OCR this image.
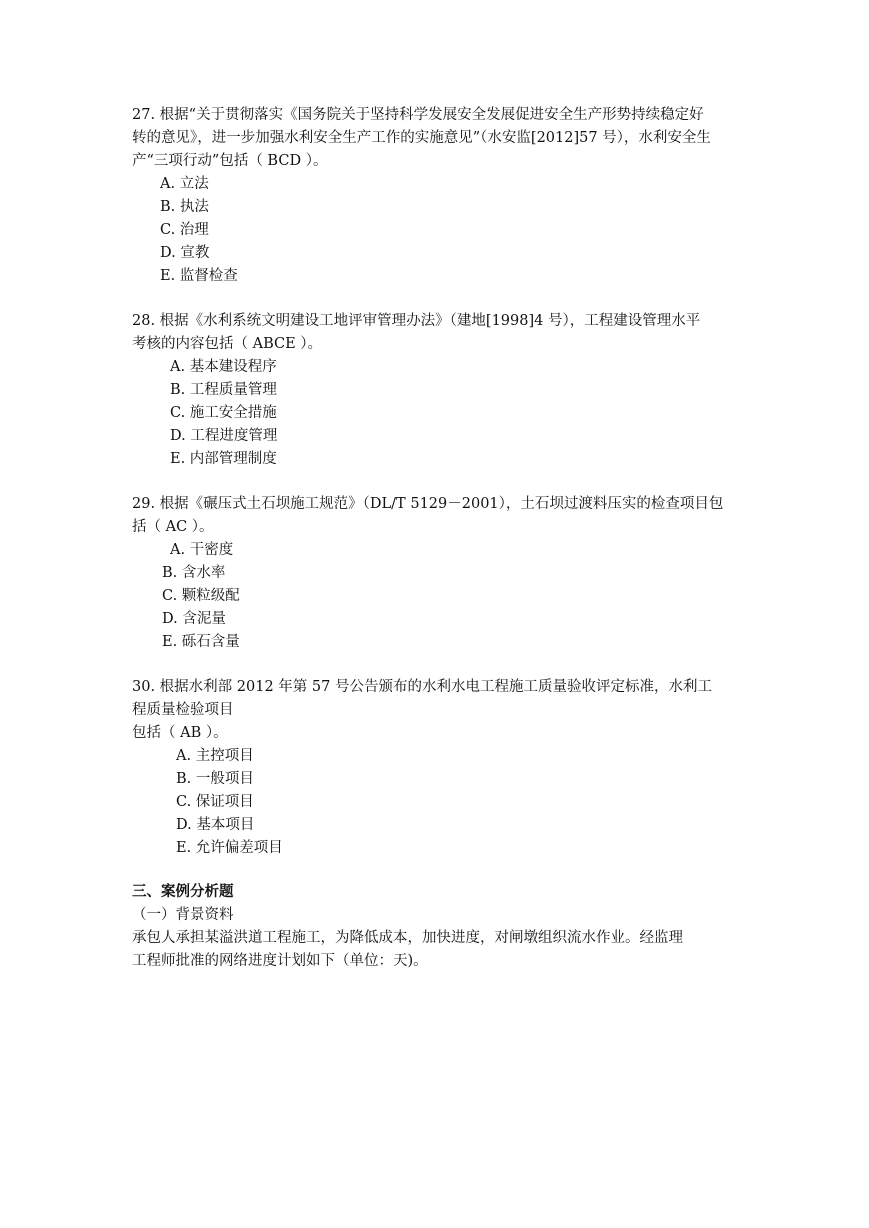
27. 根据“关于贯彻落实《国务院关于坚持科学发展安全发展促进安全生产形势持续稳定好
转的意见》，进一步加强水利安全生产工作的实施意见”（水安监[2012]57 号），水利安全生
产“三项行动”包括（ BCD ）。
A. 立法
B. 执法
C. 治理
D. 宣教
E. 监督检查
28. 根据《水利系统文明建设工地评审管理办法》（建地[1998]4 号），工程建设管理水平
考核的内容包括（ ABCE ）。
A. 基本建设程序
B. 工程质量管理
C. 施工安全措施
D. 工程进度管理
E. 内部管理制度
29. 根据《碾压式土石坝施工规范》（DL/T 5129－2001），土石坝过渡料压实的检查项目包
括（ AC ）。
A. 干密度
B. 含水率
C. 颗粒级配
D. 含泥量
E. 砾石含量
30. 根据水利部 2012 年第 57 号公告颁布的水利水电工程施工质量验收评定标准，水利工
程质量检验项目
包括（ AB ）。
A. 主控项目
B. 一般项目
C. 保证项目
D. 基本项目
E. 允许偏差项目
三、案例分析题
（一）背景资料
承包人承担某溢洪道工程施工，为降低成本，加快进度，对闸墩组织流水作业。经监理
工程师批准的网络进度计划如下（单位：天)。
